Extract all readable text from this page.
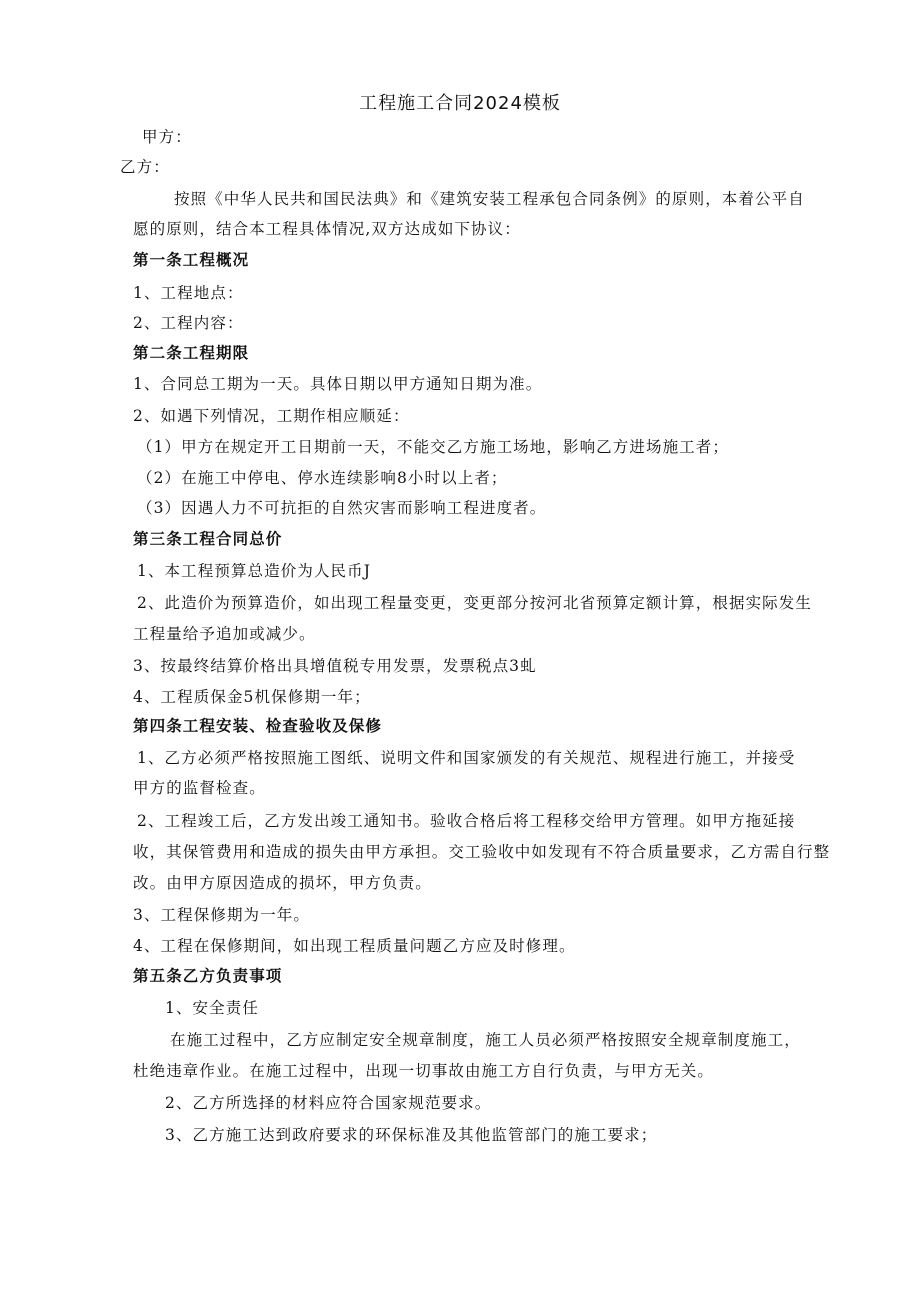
工程施工合同2024模板
甲方：
乙方：
按照《中华人民共和国民法典》和《建筑安装工程承包合同条例》的原则，本着公平自
愿的原则，结合本工程具体情况,双方达成如下协议：
第一条工程概况
1、工程地点：
2、工程内容：
第二条工程期限
1、合同总工期为一天。具体日期以甲方通知日期为准。
2、如遇下列情况，工期作相应顺延：
（1）甲方在规定开工日期前一天，不能交乙方施工场地，影响乙方进场施工者；
（2）在施工中停电、停水连续影响8小时以上者；
（3）因遇人力不可抗拒的自然灾害而影响工程进度者。
第三条工程合同总价
1、本工程预算总造价为人民币J
2、此造价为预算造价，如出现工程量变更，变更部分按河北省预算定额计算，根据实际发生
工程量给予追加或减少。
3、按最终结算价格出具增值税专用发票，发票税点3虬
4、工程质保金5机保修期一年；
第四条工程安装、检查验收及保修
1、乙方必须严格按照施工图纸、说明文件和国家颁发的有关规范、规程进行施工，并接受
甲方的监督检查。
2、工程竣工后，乙方发出竣工通知书。验收合格后将工程移交给甲方管理。如甲方拖延接
收，其保管费用和造成的损失由甲方承担。交工验收中如发现有不符合质量要求，乙方需自行整
改。由甲方原因造成的损坏，甲方负责。
3、工程保修期为一年。
4、工程在保修期间，如出现工程质量问题乙方应及时修理。
第五条乙方负责事项
1、安全责任
在施工过程中，乙方应制定安全规章制度，施工人员必须严格按照安全规章制度施工，
杜绝违章作业。在施工过程中，出现一切事故由施工方自行负责，与甲方无关。
2、乙方所选择的材料应符合国家规范要求。
3、乙方施工达到政府要求的环保标准及其他监管部门的施工要求；
